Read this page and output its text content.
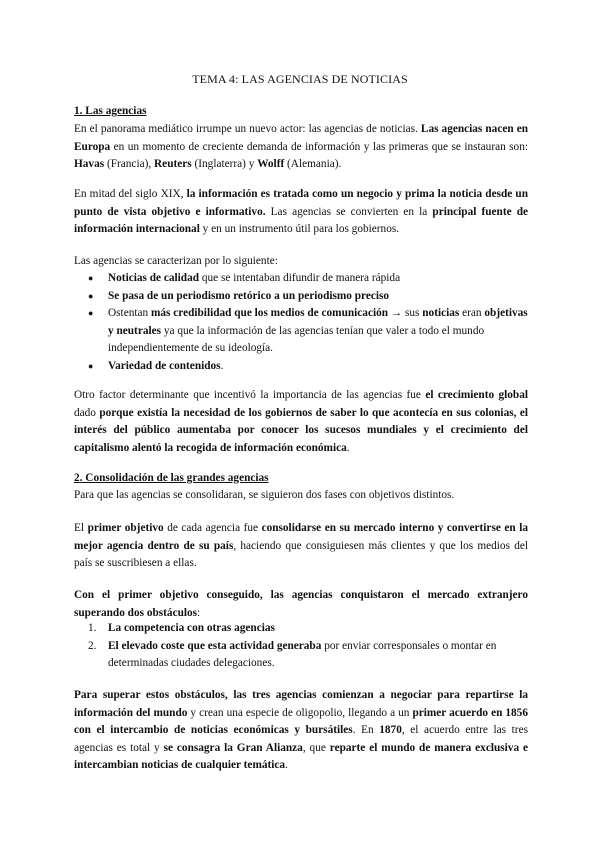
TEMA 4: LAS AGENCIAS DE NOTICIAS
1. Las agencias
En el panorama mediático irrumpe un nuevo actor: las agencias de noticias. Las agencias nacen en Europa en un momento de creciente demanda de información y las primeras que se instauran son: Havas (Francia), Reuters (Inglaterra) y Wolff (Alemania).
En mitad del siglo XIX, la información es tratada como un negocio y prima la noticia desde un punto de vista objetivo e informativo. Las agencias se convierten en la principal fuente de información internacional y en un instrumento útil para los gobiernos.
Las agencias se caracterizan por lo siguiente:
●	Noticias de calidad que se intentaban difundir de manera rápida
●	Se pasa de un periodismo retórico a un periodismo preciso
●	Ostentan más credibilidad que los medios de comunicación → sus noticias eran objetivas y neutrales ya que la información de las agencias tenían que valer a todo el mundo independientemente de su ideología.
●	Variedad de contenidos.
Otro factor determinante que incentivó la importancia de las agencias fue el crecimiento global dado porque existía la necesidad de los gobiernos de saber lo que acontecía en sus colonias, el interés del público aumentaba por conocer los sucesos mundiales y el crecimiento del capitalismo alentó la recogida de información económica.
2. Consolidación de las grandes agencias
Para que las agencias se consolidaran, se siguieron dos fases con objetivos distintos.
El primer objetivo de cada agencia fue consolidarse en su mercado interno y convertirse en la mejor agencia dentro de su país, haciendo que consiguiesen más clientes y que los medios del país se suscribiesen a ellas.
Con el primer objetivo conseguido, las agencias conquistaron el mercado extranjero superando dos obstáculos:
1.	La competencia con otras agencias
2.	El elevado coste que esta actividad generaba por enviar corresponsales o montar en determinadas ciudades delegaciones.
Para superar estos obstáculos, las tres agencias comienzan a negociar para repartirse la información del mundo y crean una especie de oligopolio, llegando a un primer acuerdo en 1856 con el intercambio de noticias económicas y bursátiles. En 1870, el acuerdo entre las tres agencias es total y se consagra la Gran Alianza, que reparte el mundo de manera exclusiva e intercambian noticias de cualquier temática.
